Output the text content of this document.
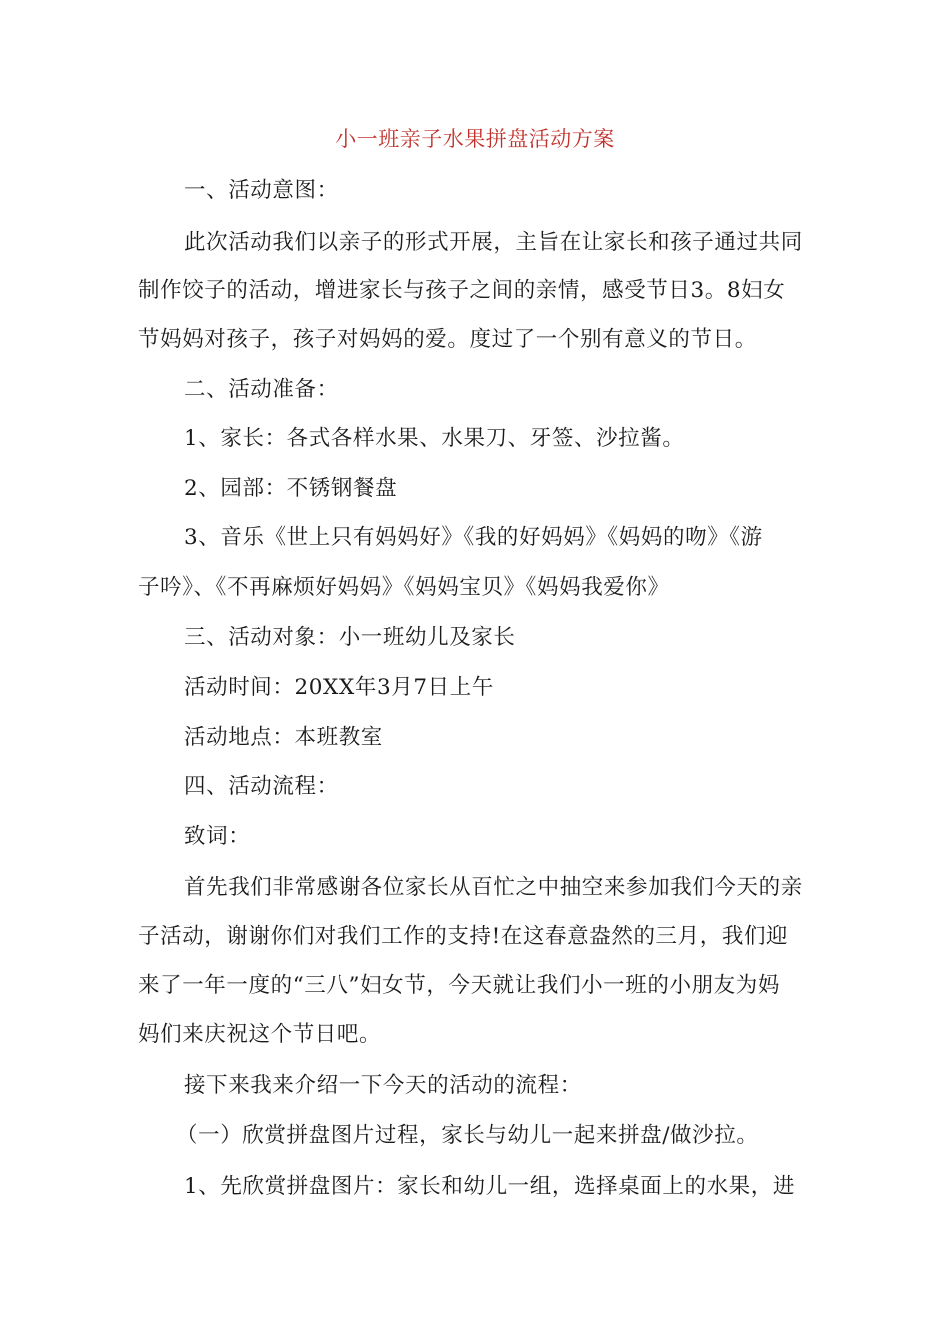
小一班亲子水果拼盘活动方案
一、活动意图：
此次活动我们以亲子的形式开展，主旨在让家长和孩子通过共同
制作饺子的活动，增进家长与孩子之间的亲情，感受节日3。8妇女
节妈妈对孩子，孩子对妈妈的爱。度过了一个别有意义的节日。
二、活动准备：
1、家长：各式各样水果、水果刀、牙签、沙拉酱。
2、园部：不锈钢餐盘
3、音乐《世上只有妈妈好》《我的好妈妈》《妈妈的吻》《游
子吟》、《不再麻烦好妈妈》《妈妈宝贝》《妈妈我爱你》
三、活动对象：小一班幼儿及家长
活动时间：20XX年3月7日上午
活动地点：本班教室
四、活动流程：
致词：
首先我们非常感谢各位家长从百忙之中抽空来参加我们今天的亲
子活动，谢谢你们对我们工作的支持!在这春意盎然的三月，我们迎
来了一年一度的“三八”妇女节，今天就让我们小一班的小朋友为妈
妈们来庆祝这个节日吧。
接下来我来介绍一下今天的活动的流程：
（一）欣赏拼盘图片过程，家长与幼儿一起来拼盘/做沙拉。
1、先欣赏拼盘图片：家长和幼儿一组，选择桌面上的水果，进
